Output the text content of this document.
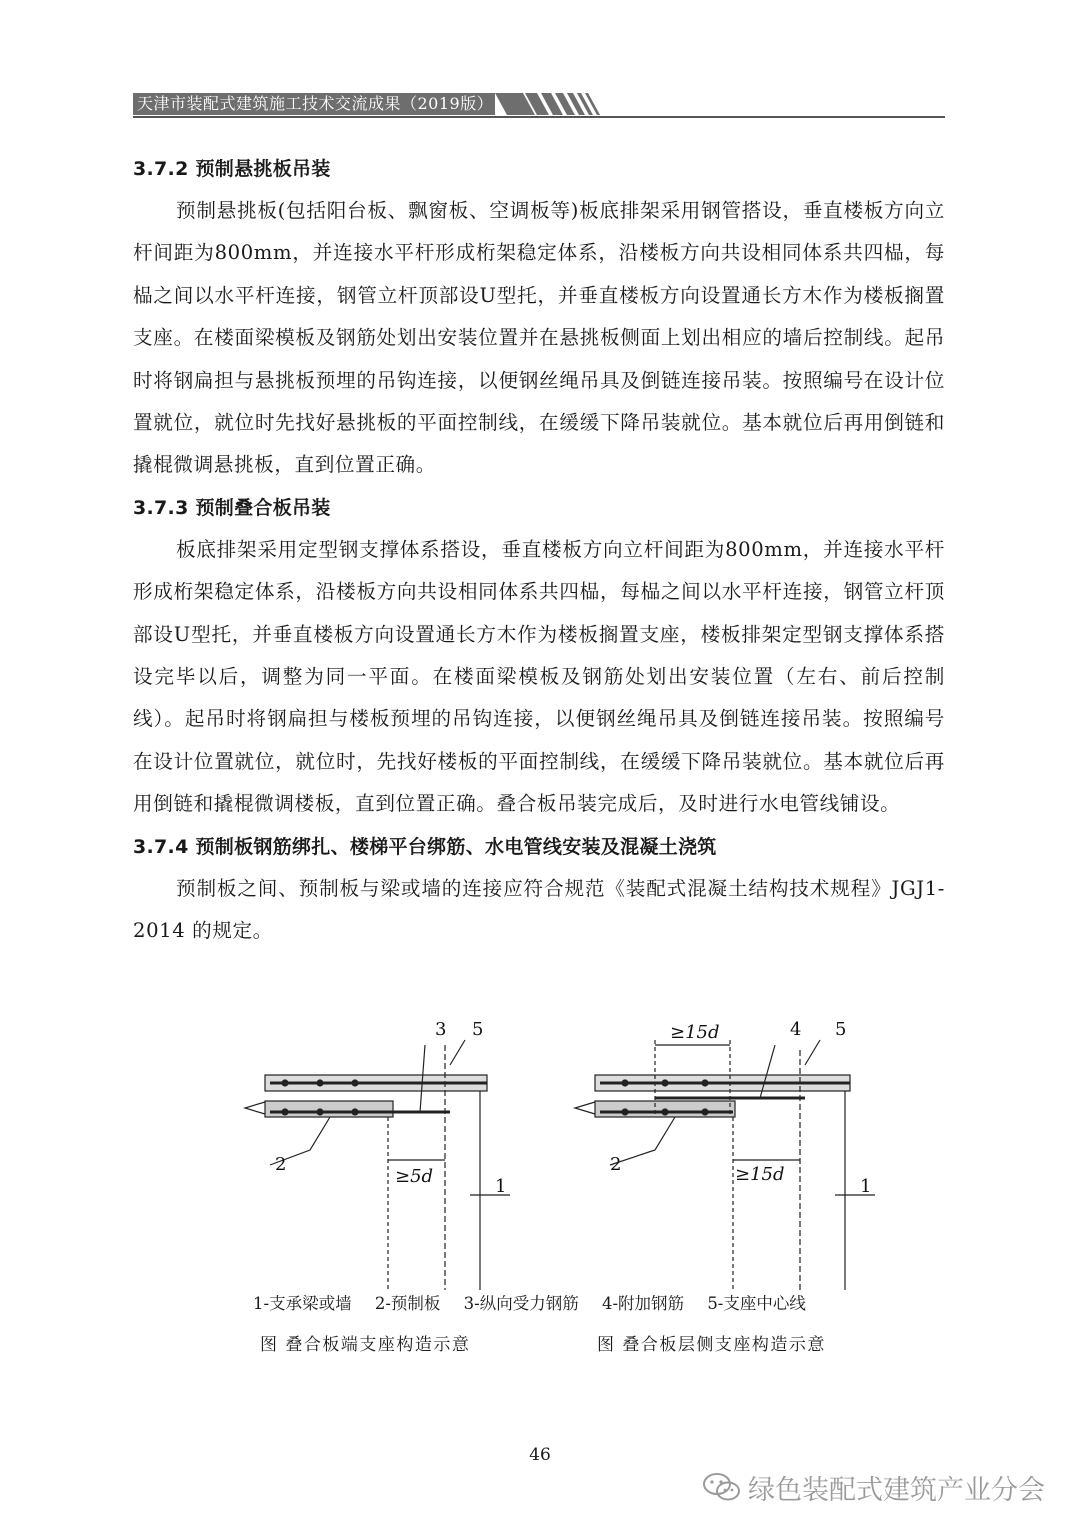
天津市装配式建筑施工技术交流成果（2019版）
3.7.2 预制悬挑板吊装

预制悬挑板(包括阳台板、飘窗板、空调板等)板底排架采用钢管搭设，垂直楼板方向立杆间距为800mm，并连接水平杆形成桁架稳定体系，沿楼板方向共设相同体系共四榀，每榀之间以水平杆连接，钢管立杆顶部设U型托，并垂直楼板方向设置通长方木作为楼板搁置支座。在楼面梁模板及钢筋处划出安装位置并在悬挑板侧面上划出相应的墙后控制线。起吊时将钢扁担与悬挑板预埋的吊钩连接，以便钢丝绳吊具及倒链连接吊装。按照编号在设计位置就位，就位时先找好悬挑板的平面控制线，在缓缓下降吊装就位。基本就位后再用倒链和撬棍微调悬挑板，直到位置正确。

3.7.3 预制叠合板吊装

板底排架采用定型钢支撑体系搭设，垂直楼板方向立杆间距为800mm，并连接水平杆形成桁架稳定体系，沿楼板方向共设相同体系共四榀，每榀之间以水平杆连接，钢管立杆顶部设U型托，并垂直楼板方向设置通长方木作为楼板搁置支座，楼板排架定型钢支撑体系搭设完毕以后，调整为同一平面。在楼面梁模板及钢筋处划出安装位置（左右、前后控制线）。起吊时将钢扁担与楼板预埋的吊钩连接，以便钢丝绳吊具及倒链连接吊装。按照编号在设计位置就位，就位时，先找好楼板的平面控制线，在缓缓下降吊装就位。基本就位后再用倒链和撬棍微调楼板，直到位置正确。叠合板吊装完成后，及时进行水电管线铺设。

3.7.4 预制板钢筋绑扎、楼梯平台绑筋、水电管线安装及混凝土浇筑

预制板之间、预制板与梁或墙的连接应符合规范《装配式混凝土结构技术规程》JGJ1-2014 的规定。

3 5
2
1
≥5d
4 5
2
1
≥15d
≥15d
1-支承梁或墙 2-预制板 3-纵向受力钢筋 4-附加钢筋 5-支座中心线
图 叠合板端支座构造示意	图 叠合板层侧支座构造示意
46
绿色装配式建筑产业分会
